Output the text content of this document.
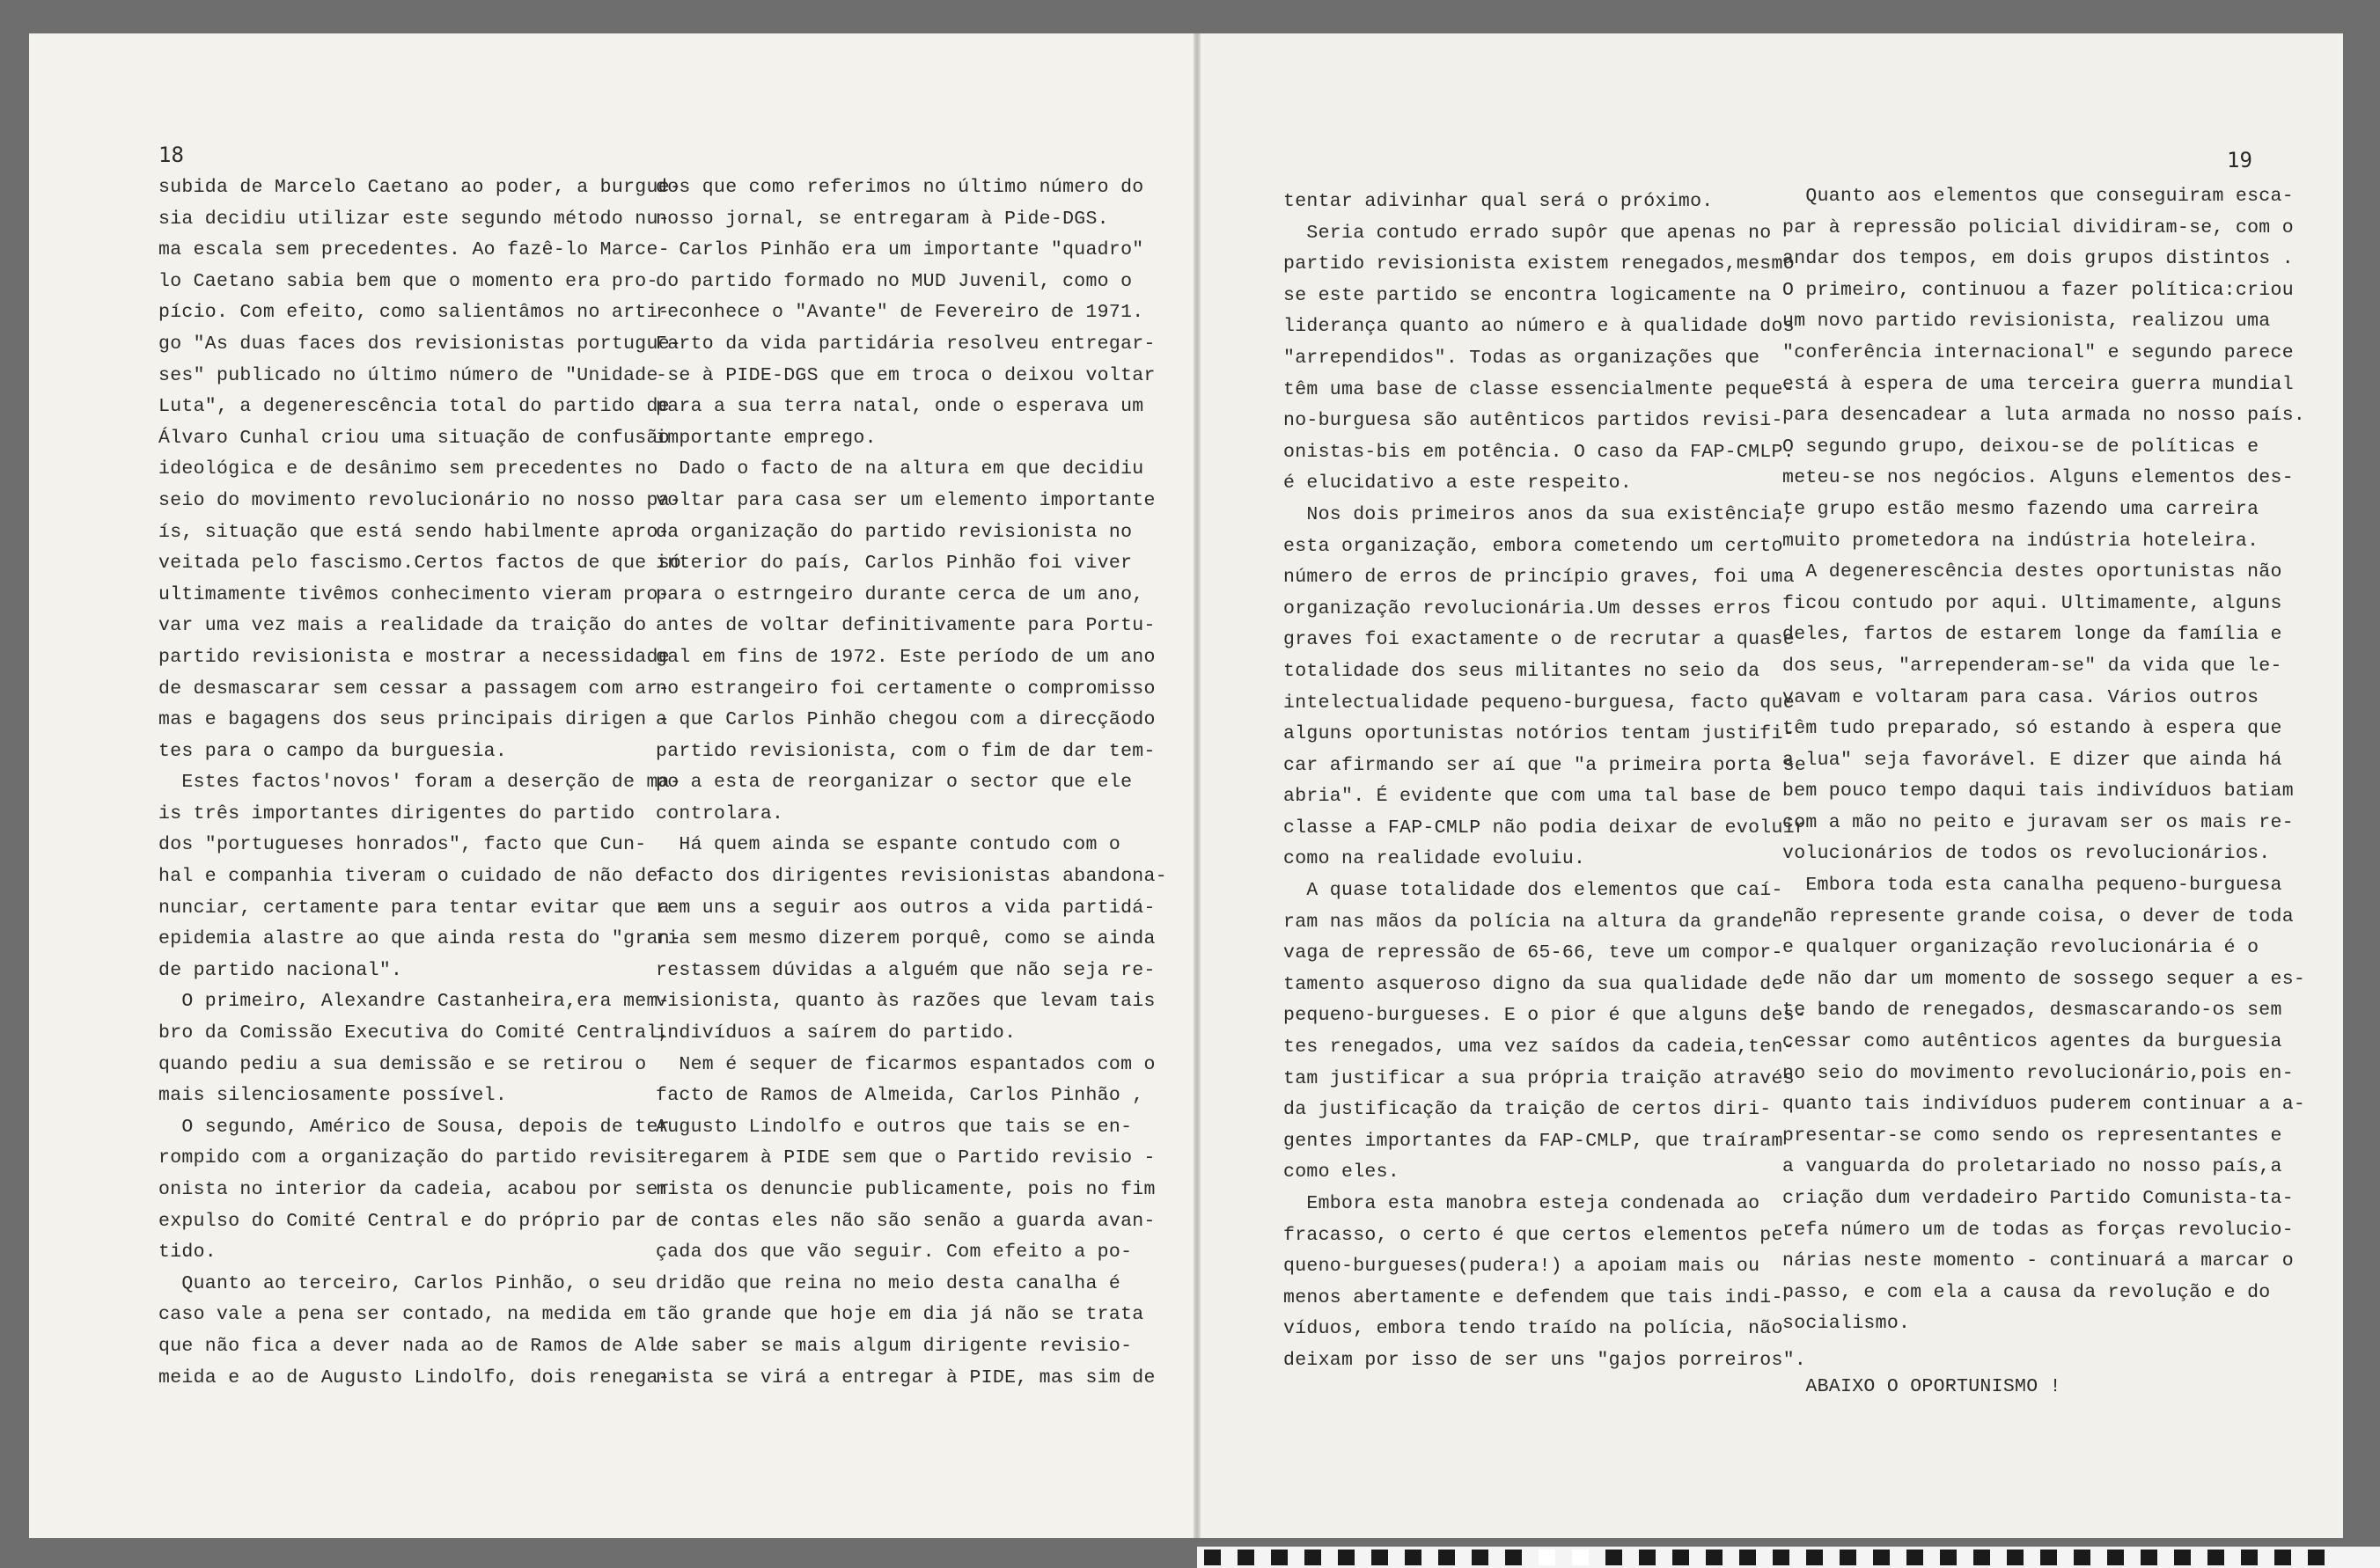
18	19
subida de Marcelo Caetano ao poder, a burgue-
sia decidiu utilizar este segundo método nu-
ma escala sem precedentes. Ao fazê-lo Marce-
lo Caetano sabia bem que o momento era pro-
pício. Com efeito, como salientâmos no arti-
go "As duas faces dos revisionistas portugue-
ses" publicado no último número de "Unidade
Luta", a degenerescência total do partido de
Álvaro Cunhal criou uma situação de confusão
ideológica e de desânimo sem precedentes no
seio do movimento revolucionário no nosso pa-
ís, situação que está sendo habilmente apro-
veitada pelo fascismo.Certos factos de que só
ultimamente tivêmos conhecimento vieram pro-
var uma vez mais a realidade da traição do
partido revisionista e mostrar a necessidade
de desmascarar sem cessar a passagem com ar-
mas e bagagens dos seus principais dirigen -
tes para o campo da burguesia.
Estes factos'novos' foram a deserção de ma-
is três importantes dirigentes do partido
dos "portugueses honrados", facto que Cun-
hal e companhia tiveram o cuidado de não de-
nunciar, certamente para tentar evitar que a
epidemia alastre ao que ainda resta do "gran-
de partido nacional".
O primeiro, Alexandre Castanheira,era mem-
bro da Comissão Executiva do Comité Central,
quando pediu a sua demissão e se retirou o
mais silenciosamente possível.
O segundo, Américo de Sousa, depois de ter
rompido com a organização do partido revisi-
onista no interior da cadeia, acabou por ser
expulso do Comité Central e do próprio par -
tido.
Quanto ao terceiro, Carlos Pinhão, o seu
caso vale a pena ser contado, na medida em
que não fica a dever nada ao de Ramos de Al-
meida e ao de Augusto Lindolfo, dois renega-

dos que como referimos no último número do
nosso jornal, se entregaram à Pide-DGS.
Carlos Pinhão era um importante "quadro"
do partido formado no MUD Juvenil, como o
reconhece o "Avante" de Fevereiro de 1971.
Farto da vida partidária resolveu entregar-
-se à PIDE-DGS que em troca o deixou voltar
para a sua terra natal, onde o esperava um
importante emprego.
Dado o facto de na altura em que decidiu
voltar para casa ser um elemento importante
da organização do partido revisionista no
interior do país, Carlos Pinhão foi viver
para o estrngeiro durante cerca de um ano,
antes de voltar definitivamente para Portu-
gal em fins de 1972. Este período de um ano
no estrangeiro foi certamente o compromisso
a que Carlos Pinhão chegou com a direcçãodo
partido revisionista, com o fim de dar tem-
po a esta de reorganizar o sector que ele
controlara.
Há quem ainda se espante contudo com o
facto dos dirigentes revisionistas abandona-
rem uns a seguir aos outros a vida partidá-
ria sem mesmo dizerem porquê, como se ainda
restassem dúvidas a alguém que não seja re-
visionista, quanto às razões que levam tais
indivíduos a saírem do partido.
Nem é sequer de ficarmos espantados com o
facto de Ramos de Almeida, Carlos Pinhão ,
Augusto Lindolfo e outros que tais se en-
tregarem à PIDE sem que o Partido revisio -
nista os denuncie publicamente, pois no fim
de contas eles não são senão a guarda avan-
çada dos que vão seguir. Com efeito a po-
dridão que reina no meio desta canalha é
tão grande que hoje em dia já não se trata
de saber se mais algum dirigente revisio-
nista se virá a entregar à PIDE, mas sim de

tentar adivinhar qual será o próximo.
Seria contudo errado supôr que apenas no
partido revisionista existem renegados,mesmo
se este partido se encontra logicamente na
liderança quanto ao número e à qualidade dos
"arrependidos". Todas as organizações que
têm uma base de classe essencialmente peque-
no-burguesa são autênticos partidos revisi-
onistas-bis em potência. O caso da FAP-CMLP.
é elucidativo a este respeito.
Nos dois primeiros anos da sua existência,
esta organização, embora cometendo um certo
número de erros de princípio graves, foi uma
organização revolucionária.Um desses erros
graves foi exactamente o de recrutar a quase
totalidade dos seus militantes no seio da
intelectualidade pequeno-burguesa, facto que
alguns oportunistas notórios tentam justifi-
car afirmando ser aí que "a primeira porta se
abria". É evidente que com uma tal base de
classe a FAP-CMLP não podia deixar de evoluir
como na realidade evoluiu.
A quase totalidade dos elementos que caí-
ram nas mãos da polícia na altura da grande
vaga de repressão de 65-66, teve um compor-
tamento asqueroso digno da sua qualidade de
pequeno-burgueses. E o pior é que alguns des-
tes renegados, uma vez saídos da cadeia,ten-
tam justificar a sua própria traição através
da justificação da traição de certos diri-
gentes importantes da FAP-CMLP, que traíram
como eles.
Embora esta manobra esteja condenada ao
fracasso, o certo é que certos elementos pe-
queno-burgueses(pudera!) a apoiam mais ou
menos abertamente e defendem que tais indi-
víduos, embora tendo traído na polícia, não
deixam por isso de ser uns "gajos porreiros".

Quanto aos elementos que conseguiram esca-
par à repressão policial dividiram-se, com o
andar dos tempos, em dois grupos distintos .
O primeiro, continuou a fazer política:criou
um novo partido revisionista, realizou uma
"conferência internacional" e segundo parece
está à espera de uma terceira guerra mundial
para desencadear a luta armada no nosso país.
O segundo grupo, deixou-se de políticas e
meteu-se nos negócios. Alguns elementos des-
te grupo estão mesmo fazendo uma carreira
muito prometedora na indústria hoteleira.
A degenerescência destes oportunistas não
ficou contudo por aqui. Ultimamente, alguns
deles, fartos de estarem longe da família e
dos seus, "arrependeram-se" da vida que le-
vavam e voltaram para casa. Vários outros
têm tudo preparado, só estando à espera que
a lua" seja favorável. E dizer que ainda há
bem pouco tempo daqui tais indivíduos batiam
com a mão no peito e juravam ser os mais re-
volucionários de todos os revolucionários.
Embora toda esta canalha pequeno-burguesa
não represente grande coisa, o dever de toda
e qualquer organização revolucionária é o
de não dar um momento de sossego sequer a es-
te bando de renegados, desmascarando-os sem
cessar como autênticos agentes da burguesia
no seio do movimento revolucionário,pois en-
quanto tais indivíduos puderem continuar a a-
presentar-se como sendo os representantes e
a vanguarda do proletariado no nosso país,a
criação dum verdadeiro Partido Comunista-ta-
refa número um de todas as forças revolucio-
nárias neste momento - continuará a marcar o
passo, e com ela a causa da revolução e do
socialismo.

ABAIXO O OPORTUNISMO !
